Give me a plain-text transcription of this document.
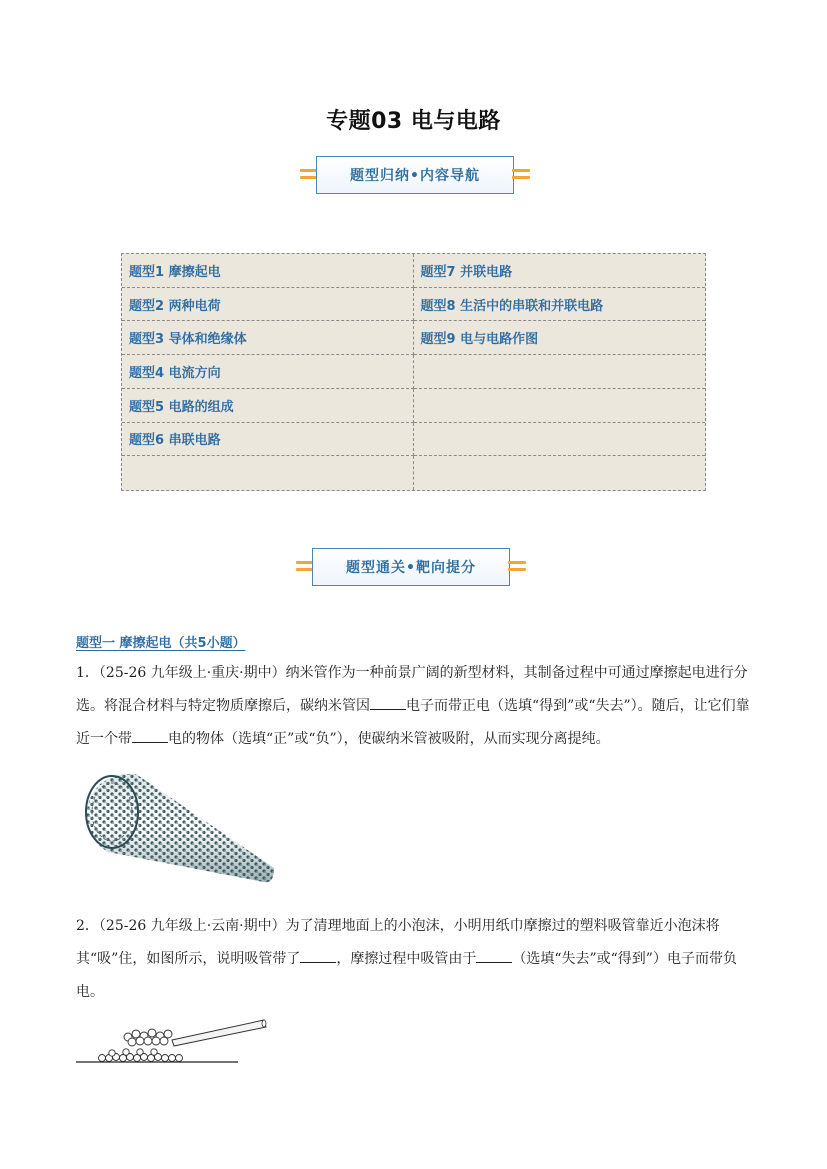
专题03 电与电路
题型归纳•内容导航
题型1 摩擦起电	题型7 并联电路
题型2 两种电荷	题型8 生活中的串联和并联电路
题型3 导体和绝缘体	题型9 电与电路作图
题型4 电流方向
题型5 电路的组成
题型6 串联电路
题型通关•靶向提分
题型一 摩擦起电（共5小题）
1．（25-26 九年级上·重庆·期中）纳米管作为一种前景广阔的新型材料，其制备过程中可通过摩擦起电进行分选。将混合材料与特定物质摩擦后，碳纳米管因	电子而带正电（选填“得到”或“失去”）。随后，让它们靠近一个带	电的物体（选填“正”或“负”），使碳纳米管被吸附，从而实现分离提纯。
2．（25-26 九年级上·云南·期中）为了清理地面上的小泡沫，小明用纸巾摩擦过的塑料吸管靠近小泡沫将其“吸”住，如图所示，说明吸管带了	，摩擦过程中吸管由于	（选填“失去”或“得到”）电子而带负电。
